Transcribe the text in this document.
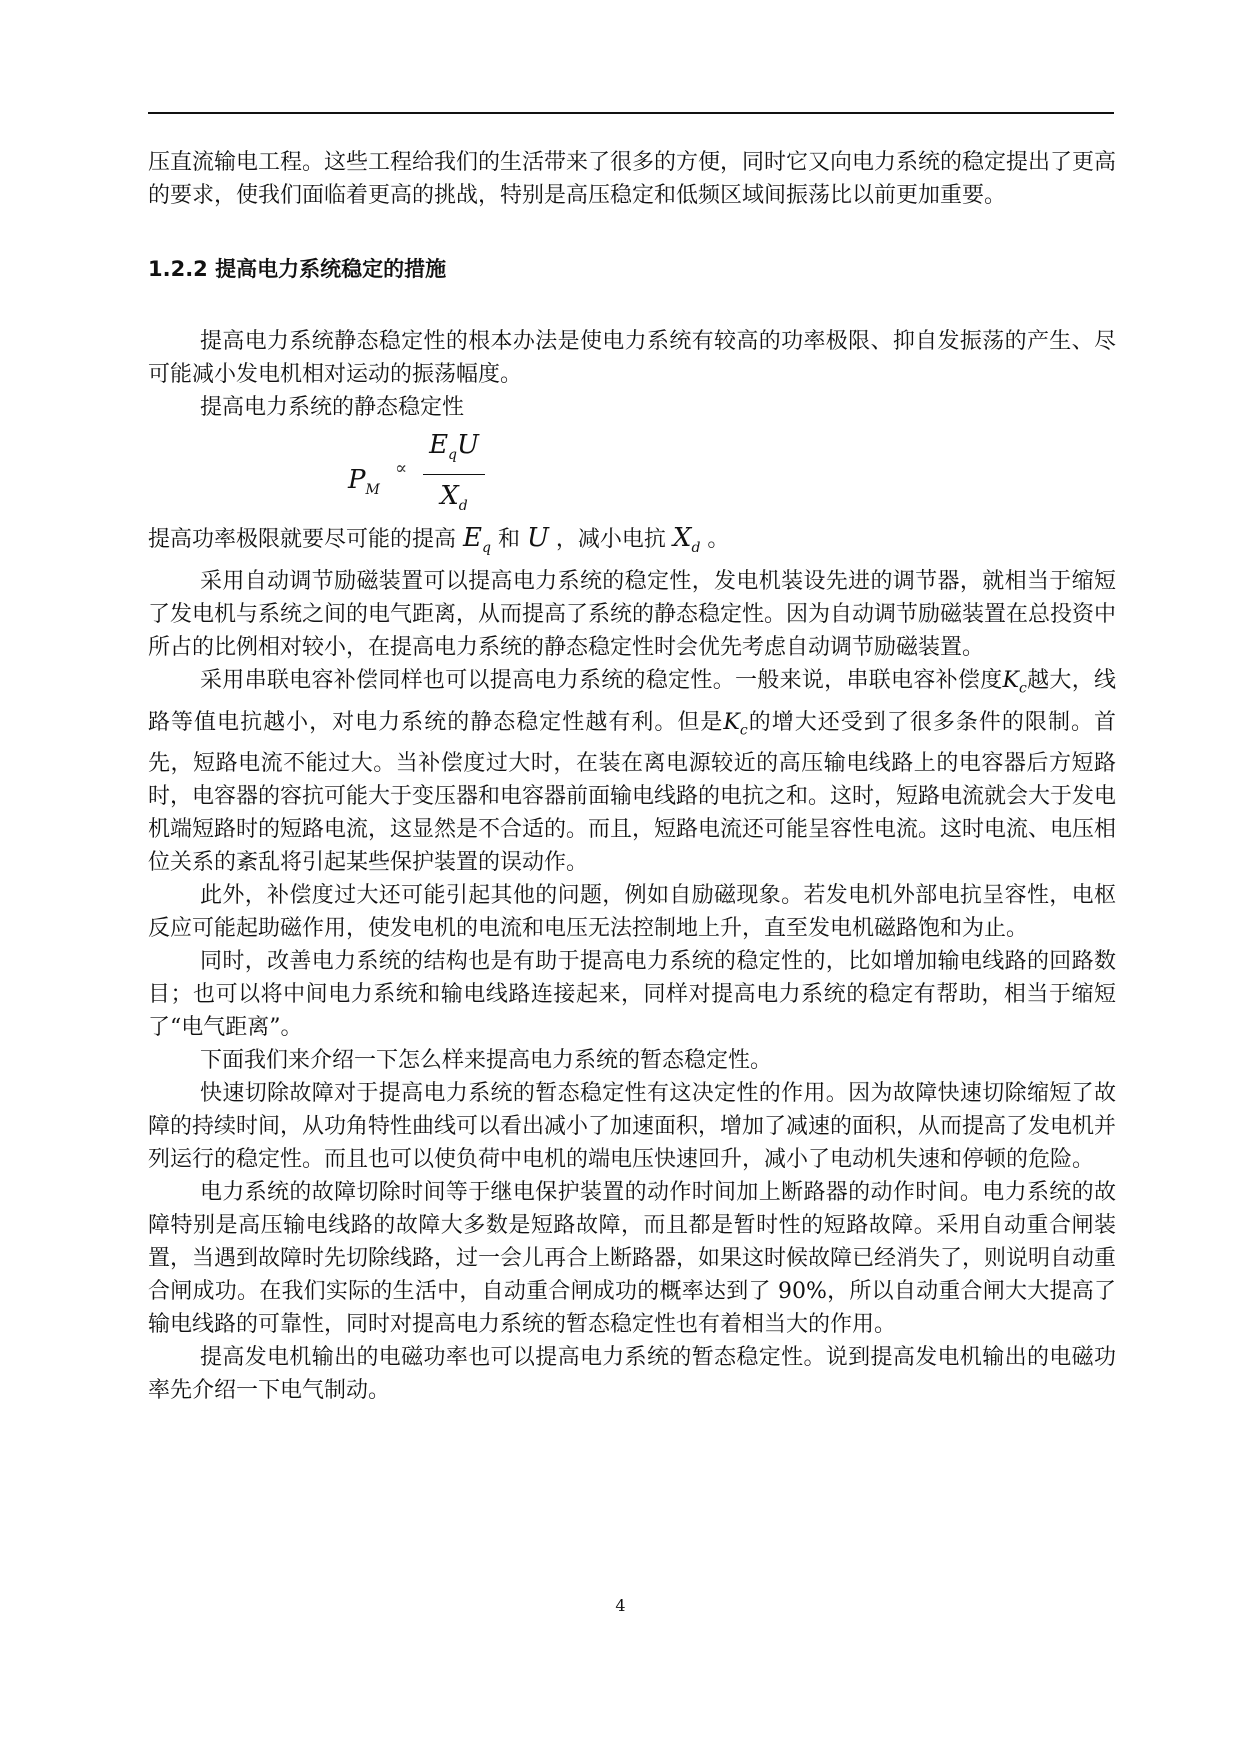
压直流输电工程。这些工程给我们的生活带来了很多的方便，同时它又向电力系统的稳定提出了更高的要求，使我们面临着更高的挑战，特别是高压稳定和低频区域间振荡比以前更加重要。

1.2.2 提高电力系统稳定的措施

提高电力系统静态稳定性的根本办法是使电力系统有较高的功率极限、抑自发振荡的产生、尽可能减小发电机相对运动的振荡幅度。

提高电力系统的静态稳定性

$P_M$
∝
$E_qU$
$X_d$

提高功率极限就要尽可能的提高 $E_q$ 和 U ，减小电抗 $X_d$ 。

采用自动调节励磁装置可以提高电力系统的稳定性，发电机装设先进的调节器，就相当于缩短了发电机与系统之间的电气距离，从而提高了系统的静态稳定性。因为自动调节励磁装置在总投资中所占的比例相对较小，在提高电力系统的静态稳定性时会优先考虑自动调节励磁装置。

采用串联电容补偿同样也可以提高电力系统的稳定性。一般来说，串联电容补偿度$K_c$越大，线路等值电抗越小，对电力系统的静态稳定性越有利。但是$K_c$的增大还受到了很多条件的限制。首先，短路电流不能过大。当补偿度过大时，在装在离电源较近的高压输电线路上的电容器后方短路时，电容器的容抗可能大于变压器和电容器前面输电线路的电抗之和。这时，短路电流就会大于发电机端短路时的短路电流，这显然是不合适的。而且，短路电流还可能呈容性电流。这时电流、电压相位关系的紊乱将引起某些保护装置的误动作。

此外，补偿度过大还可能引起其他的问题，例如自励磁现象。若发电机外部电抗呈容性，电枢反应可能起助磁作用，使发电机的电流和电压无法控制地上升，直至发电机磁路饱和为止。

同时，改善电力系统的结构也是有助于提高电力系统的稳定性的，比如增加输电线路的回路数目；也可以将中间电力系统和输电线路连接起来，同样对提高电力系统的稳定有帮助，相当于缩短了“电气距离”。

下面我们来介绍一下怎么样来提高电力系统的暂态稳定性。

快速切除故障对于提高电力系统的暂态稳定性有这决定性的作用。因为故障快速切除缩短了故障的持续时间，从功角特性曲线可以看出减小了加速面积，增加了减速的面积，从而提高了发电机并列运行的稳定性。而且也可以使负荷中电机的端电压快速回升，减小了电动机失速和停顿的危险。

电力系统的故障切除时间等于继电保护装置的动作时间加上断路器的动作时间。电力系统的故障特别是高压输电线路的故障大多数是短路故障，而且都是暂时性的短路故障。采用自动重合闸装置，当遇到故障时先切除线路，过一会儿再合上断路器，如果这时候故障已经消失了，则说明自动重合闸成功。在我们实际的生活中，自动重合闸成功的概率达到了 90%，所以自动重合闸大大提高了输电线路的可靠性，同时对提高电力系统的暂态稳定性也有着相当大的作用。

提高发电机输出的电磁功率也可以提高电力系统的暂态稳定性。说到提高发电机输出的电磁功率先介绍一下电气制动。

4
